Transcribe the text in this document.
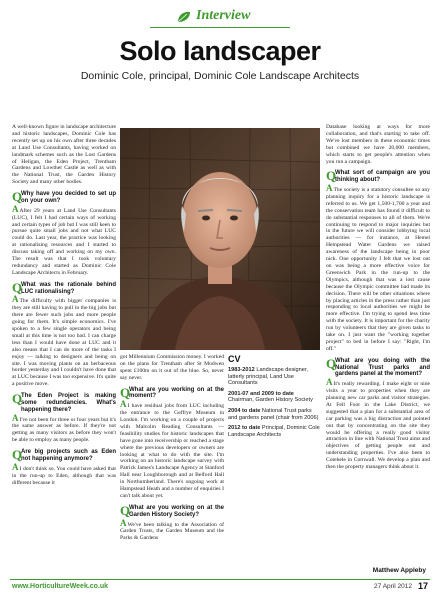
Interview
Solo landscaper
Dominic Cole, principal, Dominic Cole Landscape Architects

A well-known figure in landscape architecture and historic landscapes, Dominic Cole has recently set up on his own after three decades at Land Use Consultants, having worked on landmark schemes such as the Lost Gardens of Heligan, the Eden Project, Trentham Gardens and Lowther Castle as well as with the National Trust, the Garden History Society and many other bodies.

Q
Why have you decided to set up on your own?

AAfter 29 years at Land Use Consultants (LUC), I felt I had certain ways of working and certain types of job but I was still keen to pursue quite small jobs and not what LUC could do. Last year, the practice was looking at rationalising resources and I started to discuss taking off and working on my own. The result was that I took voluntary redundancy and started as Dominic Cole Landscape Architects in February.

Q
What was the rationale behind LUC rationalising?

AThe difficulty with bigger companies is they are still having to pull in the big jobs but there are fewer such jobs and more people going for them. It's simple economics. I've spoken to a few single operators and being small at this time is not too bad. I can charge less than I would have done at LUC and it also means that I can do more of the tasks I enjoy — talking to designers and being on site. I was moving plants on an herbaceous border yesterday and I couldn't have done that at LUC because I was too expensive. It's quite a positive move.

Q
The Eden Project is making some redundancies. What's happening there?

AI've not been for three or four years but it's the same answer as before. If they're not getting as many visitors as before they won't be able to employ as many people.

Q
Are big projects such as Eden not happening anymore?

AI don't think so. You could have asked that in the run-up to Eden, although that was different because it

got Millennium Commission money. I worked on the plans for Trentham after St Modwen spent £100m on it out of the blue. So, never say never.

Q
What are you working on at the moment?

AI have residual jobs from LUC including the entrance to the Geffrye Museum in London. I'm working on a couple of projects with Malcolm Reading Consultants — feasibility studies for historic landscapes that have gone into receivership or reached a stage where the previous developers or owners are looking at what to do with the site. I'm working on an historic landscape survey with Patrick James's Landscape Agency at Stanford Hall near Loughborough and at Belford Hall in Northumberland. There's ongoing work at Hampstead Heath and a number of enquiries I can't talk about yet.

Q
What are you working on at the Garden History Society?

AWe've been talking to the Association of Garden Trusts, the Garden Museum and the Parks & Gardens

CV
1983-2012 Landscape designer, latterly principal, Land Use Consultants
2001-07 and 2009 to date Chairman, Garden History Society
2004 to date National Trust parks and gardens panel (chair from 2006)
2012 to date Principal, Dominic Cole Landscape Architects

Database looking at ways for more collaboration, and that's starting to take off. We've lost members in these economic times but combined we have 20,000 members, which starts to get people's attention when you run a campaign.

Q
What sort of campaign are you thinking about?

AThe society is a statutory consultee so any planning inquiry for a historic landscape is referred to us. We get 1,500-1,700 a year and the conservation team has found it difficult to do substantial responses to all of them. We're continuing to respond to major inquiries but in the future we will consider lobbying local authorities — for instance, at Hemel Hempstead Water Gardens we raised awareness of the landscape being in poor nick. One opportunity I felt that we lost out on was being a more effective voice for Greenwich Park in the run-up to the Olympics, although that was a lost cause because the Olympic committee had made its decision. There will be other situations where by placing articles in the press rather than just responding to local authorities we might be more effective. I'm trying to spend less time with the society. It is important for the charity run by volunteers that they are given tasks to take on. I just want the "working together project" to bed in before I say: "Right, I'm off."

Q
What are you doing with the National Trust parks and gardens panel at the moment?

AIt's really rewarding. I make eight or nine visits a year to properties when they are planning new car parks and visitor strategies. At Fell Foot in the Lake District, we suggested that a plan for a substantial area of car parking was a big distraction and pointed out that by concentrating on the site they would be offering a really good visitor attraction in line with National Trust aims and objectives of getting people out and understanding properties. I've also been to Cotehele in Cornwall. We develop a plan and then the property managers think about it.

Matthew Appleby
www.HorticultureWeek.co.uk	27 April 2012 17
